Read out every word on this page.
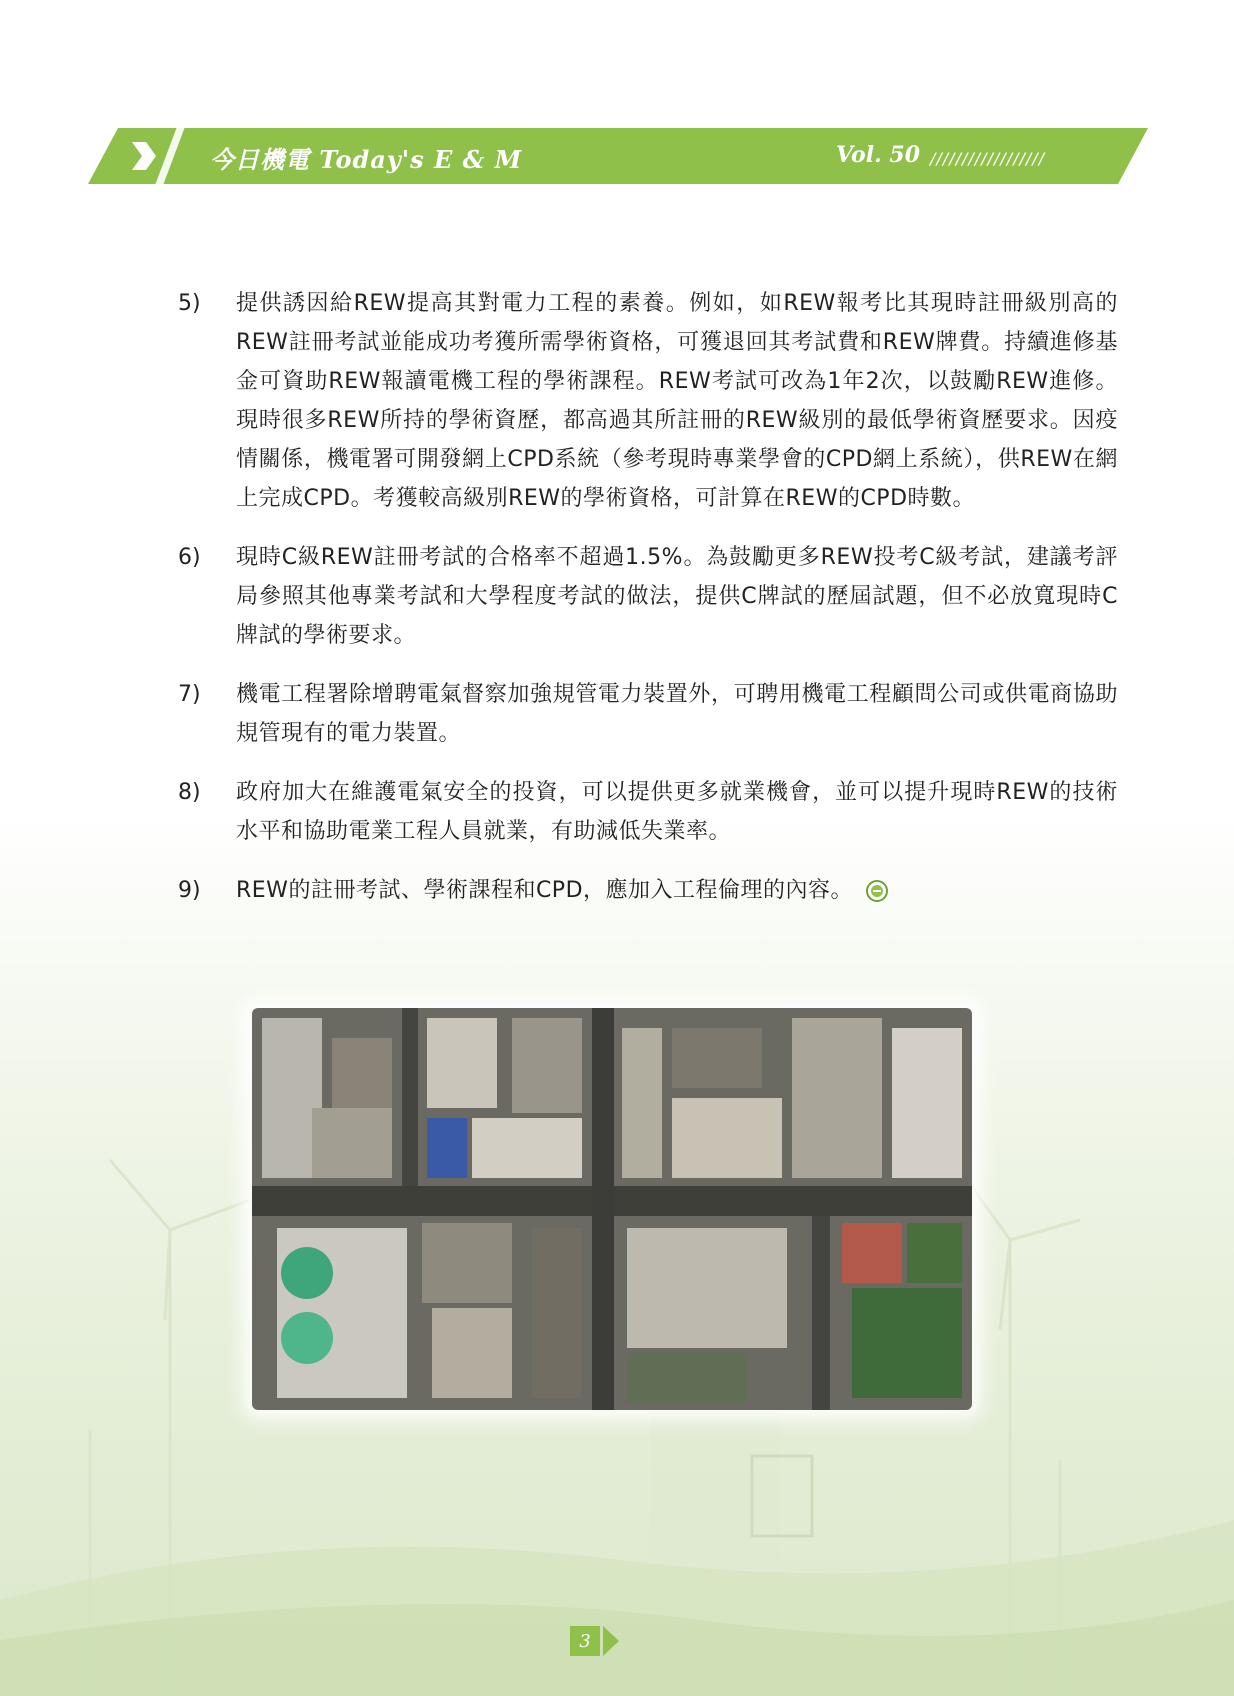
今日機電 Today's E & M	Vol. 50 //////////////////
5)	提供誘因給REW提高其對電力工程的素養。例如，如REW報考比其現時註冊級別高的REW註冊考試並能成功考獲所需學術資格，可獲退回其考試費和REW牌費。持續進修基金可資助REW報讀電機工程的學術課程。REW考試可改為1年2次，以鼓勵REW進修。現時很多REW所持的學術資歷，都高過其所註冊的REW級別的最低學術資歷要求。因疫情關係，機電署可開發網上CPD系統（參考現時專業學會的CPD網上系統），供REW在網上完成CPD。考獲較高級別REW的學術資格，可計算在REW的CPD時數。
6)	現時C級REW註冊考試的合格率不超過1.5%。為鼓勵更多REW投考C級考試，建議考評局參照其他專業考試和大學程度考試的做法，提供C牌試的歷屆試題，但不必放寬現時C牌試的學術要求。
7)	機電工程署除增聘電氣督察加強規管電力裝置外，可聘用機電工程顧問公司或供電商協助規管現有的電力裝置。
8)	政府加大在維護電氣安全的投資，可以提供更多就業機會，並可以提升現時REW的技術水平和協助電業工程人員就業，有助減低失業率。
9)	REW的註冊考試、學術課程和CPD，應加入工程倫理的內容。
3
